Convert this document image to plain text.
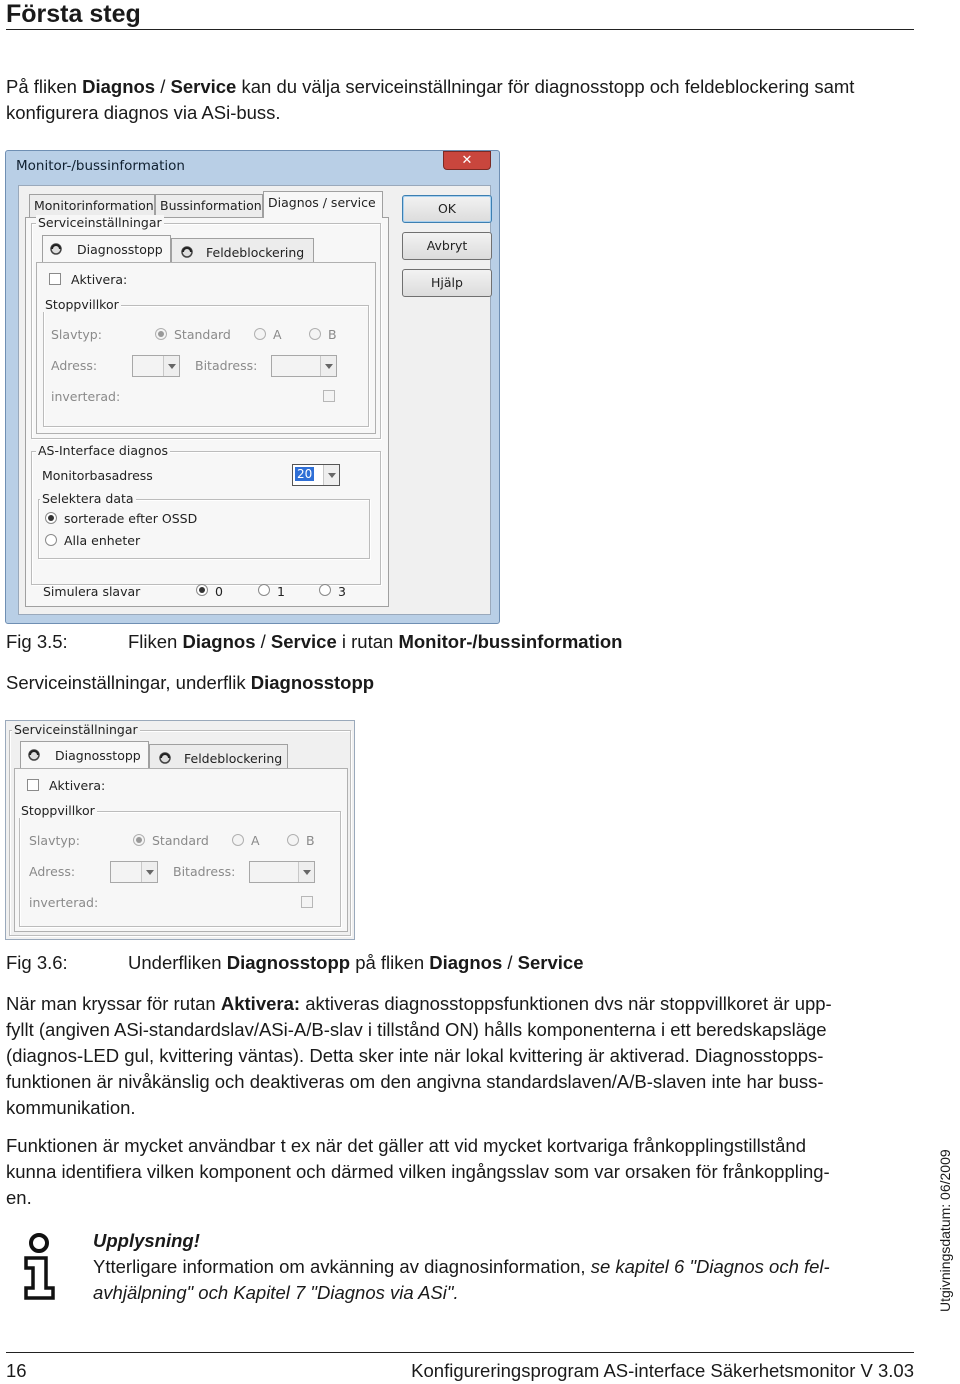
Första steg
På fliken Diagnos / Service kan du välja serviceinställningar för diagnosstopp och feldeblockering samt konfigurera diagnos via ASi-buss.
Monitor-/bussinformation	✕
Monitorinformation Bussinformation Diagnos / service
Serviceinställningar
Diagnosstopp	Feldeblockering
Aktivera:
Stoppvillkor
Slavtyp:	Standard	A	B
Adress:	Bitadress:
inverterad:
AS-Interface diagnos
Monitorbasadress	20
Selektera data
sorterade efter OSSD
Alla enheter
Simulera slavar	0	1	3
OK
Avbryt
Hjälp
Fig 3.5:	Fliken Diagnos / Service i rutan Monitor-/bussinformation
Serviceinställningar, underflik Diagnosstopp
Serviceinställningar
Diagnosstopp	Feldeblockering
Aktivera:
Stoppvillkor
Slavtyp:	Standard	A	B
Adress:	Bitadress:
inverterad:
Fig 3.6:	Underfliken Diagnosstopp på fliken Diagnos / Service
När man kryssar för rutan Aktivera: aktiveras diagnosstoppsfunktionen dvs när stoppvillkoret är upp-
fyllt (angiven ASi-standardslav/ASi-A/B-slav i tillstånd ON) hålls komponenterna i ett beredskapsläge
(diagnos-LED gul, kvittering väntas). Detta sker inte när lokal kvittering är aktiverad. Diagnosstopps-
funktionen är nivåkänslig och deaktiveras om den angivna standardslaven/A/B-slaven inte har buss-
kommunikation.
Funktionen är mycket användbar t ex när det gäller att vid mycket kortvariga frånkopplingstillstånd
kunna identifiera vilken komponent och därmed vilken ingångsslav som var orsaken för frånkoppling-
en.
Upplysning!
Ytterligare information om avkänning av diagnosinformation, se kapitel 6 "Diagnos och fel-
avhjälpning" och Kapitel 7 "Diagnos via ASi".	Utgivningsdatum: 06/2009
16	Konfigureringsprogram AS-interface Säkerhetsmonitor V 3.03
